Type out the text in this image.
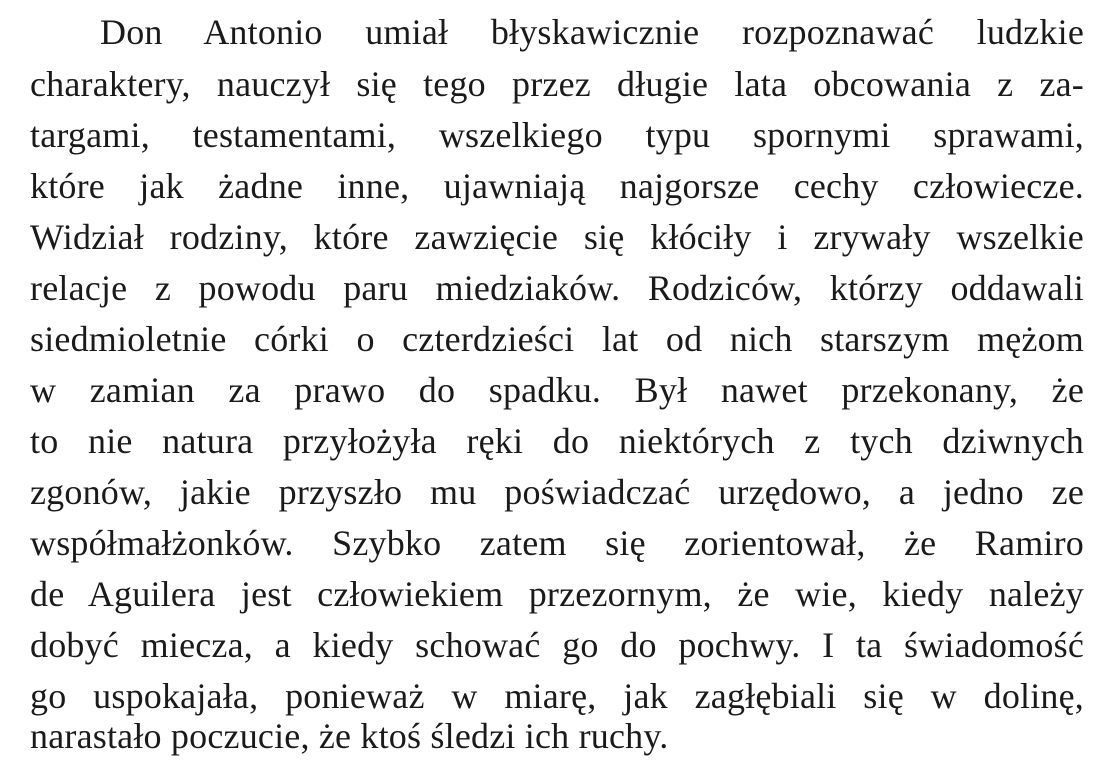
Don Antonio umiał błyskawicznie rozpoznawać ludzkie
charaktery, nauczył się tego przez długie lata obcowania z za-
targami, testamentami, wszelkiego typu spornymi sprawami,
które jak żadne inne, ujawniają najgorsze cechy człowiecze.
Widział rodziny, które zawzięcie się kłóciły i zrywały wszelkie
relacje z powodu paru miedziaków. Rodziców, którzy oddawali
siedmioletnie córki o czterdzieści lat od nich starszym mężom
w zamian za prawo do spadku. Był nawet przekonany, że
to nie natura przyłożyła ręki do niektórych z tych dziwnych
zgonów, jakie przyszło mu poświadczać urzędowo, a jedno ze
współmałżonków. Szybko zatem się zorientował, że Ramiro
de Aguilera jest człowiekiem przezornym, że wie, kiedy należy
dobyć miecza, a kiedy schować go do pochwy. I ta świadomość
go uspokajała, ponieważ w miarę, jak zagłębiali się w dolinę,
narastało poczucie, że ktoś śledzi ich ruchy.
